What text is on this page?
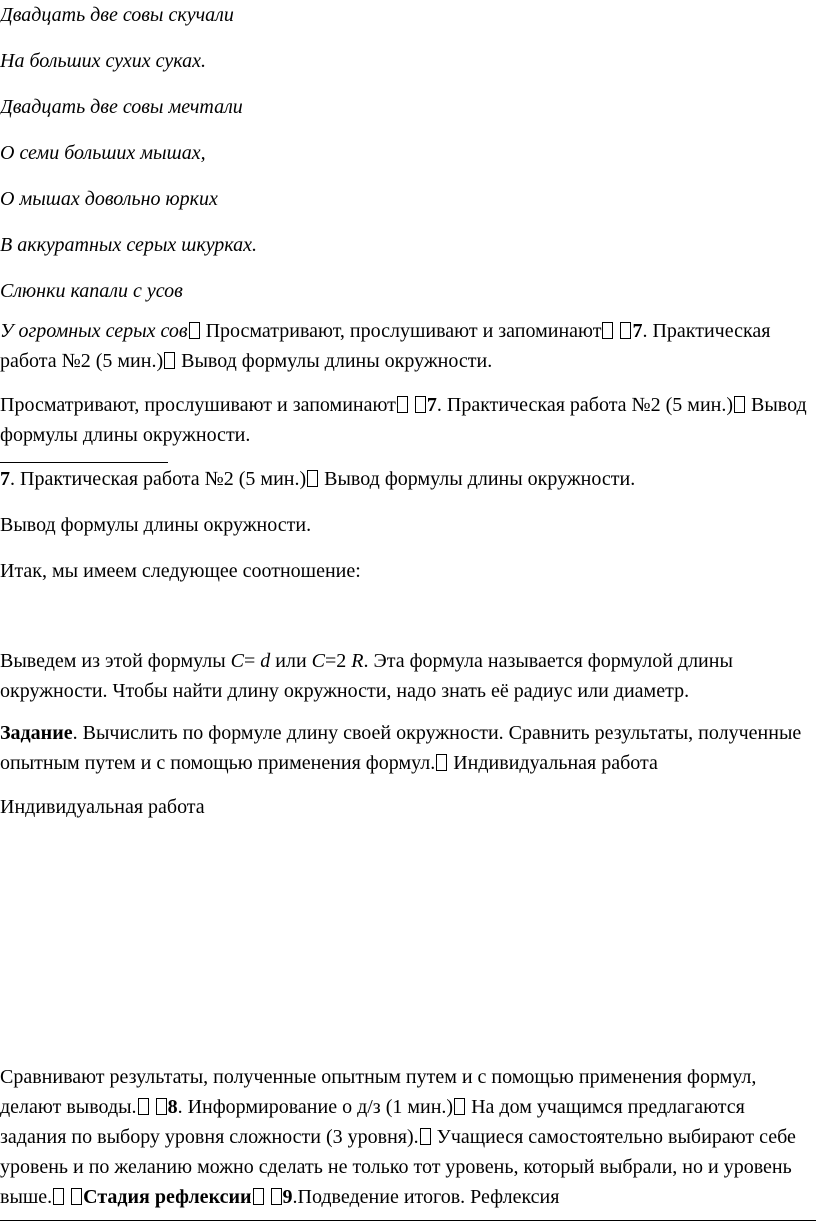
Двадцать две совы скучали

На больших сухих суках.

Двадцать две совы мечтали

О семи больших мышах,

О мышах довольно юрких

В аккуратных серых шкурках.

Слюнки капали с усов

У огромных серых сов Просматривают, прослушивают и запоминают 7. Практическая работа №2 (5 мин.) Вывод формулы длины окружности.

Просматривают, прослушивают и запоминают 7. Практическая работа №2 (5 мин.) Вывод формулы длины окружности.

7. Практическая работа №2 (5 мин.) Вывод формулы длины окружности.

Вывод формулы длины окружности.

Итак, мы имеем следующее соотношение:

Выведем из этой формулы C= d или C=2 R. Эта формула называется формулой длины окружности. Чтобы найти длину окружности, надо знать её радиус или диаметр.

Задание. Вычислить по формуле длину своей окружности. Сравнить результаты, полученные опытным путем и с помощью применения формул. Индивидуальная работа

Индивидуальная работа

Сравнивают результаты, полученные опытным путем и с помощью применения формул, делают выводы. 8. Информирование о д/з (1 мин.) На дом учащимся предлагаются задания по выбору уровня сложности (3 уровня). Учащиеся самостоятельно выбирают себе уровень и по желанию можно сделать не только тот уровень, который выбрали, но и уровень выше. Стадия рефлексии 9.Подведение итогов. Рефлексия
